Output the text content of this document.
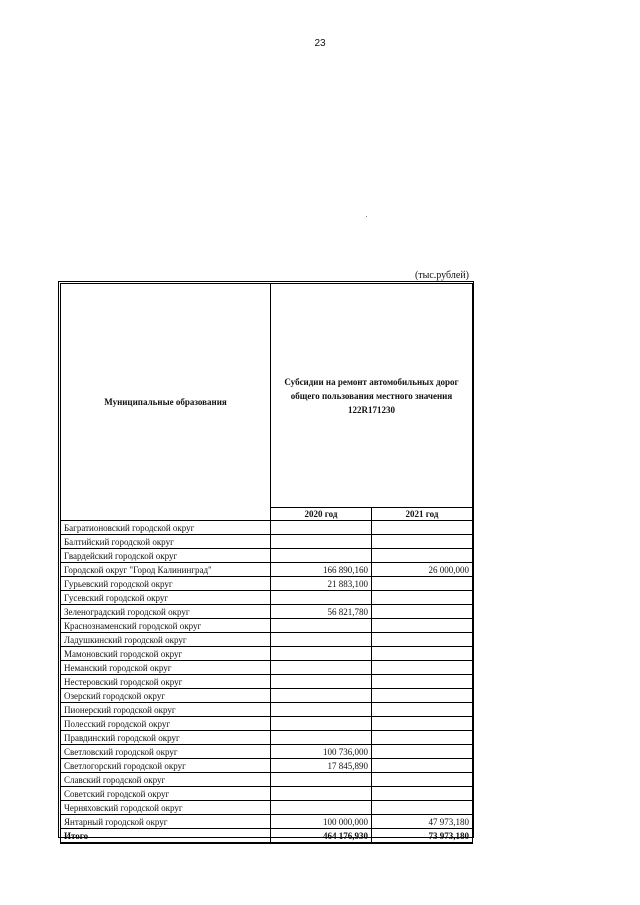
23
(тыс.рублей)
Муниципальные образования	Субсидии на ремонт автомобильных дорог общего пользования местного значения 122R171230	

	2020 год	2021 год
Багратионовский городской округ		
Балтийский городской округ		
Гвардейский городской округ		
Городской округ "Город Калининград"	166 890,160	26 000,000
Гурьевский городской округ	21 883,100	
Гусевский городской округ		
Зеленоградский городской округ	56 821,780	
Краснознаменский городской округ		
Ладушкинский городской округ		
Мамоновский городской округ		
Неманский городской округ		
Нестеровский городской округ		
Озерский городской округ		
Пионерский городской округ		
Полесский городской округ		
Правдинский городской округ		
Светловский городской округ	100 736,000	
Светлогорский городской округ	17 845,890	
Славский городской округ		
Советский городской округ		
Черняховский городской округ		
Янтарный городской округ	100 000,000	47 973,180
Итого	464 176,930	73 973,180
